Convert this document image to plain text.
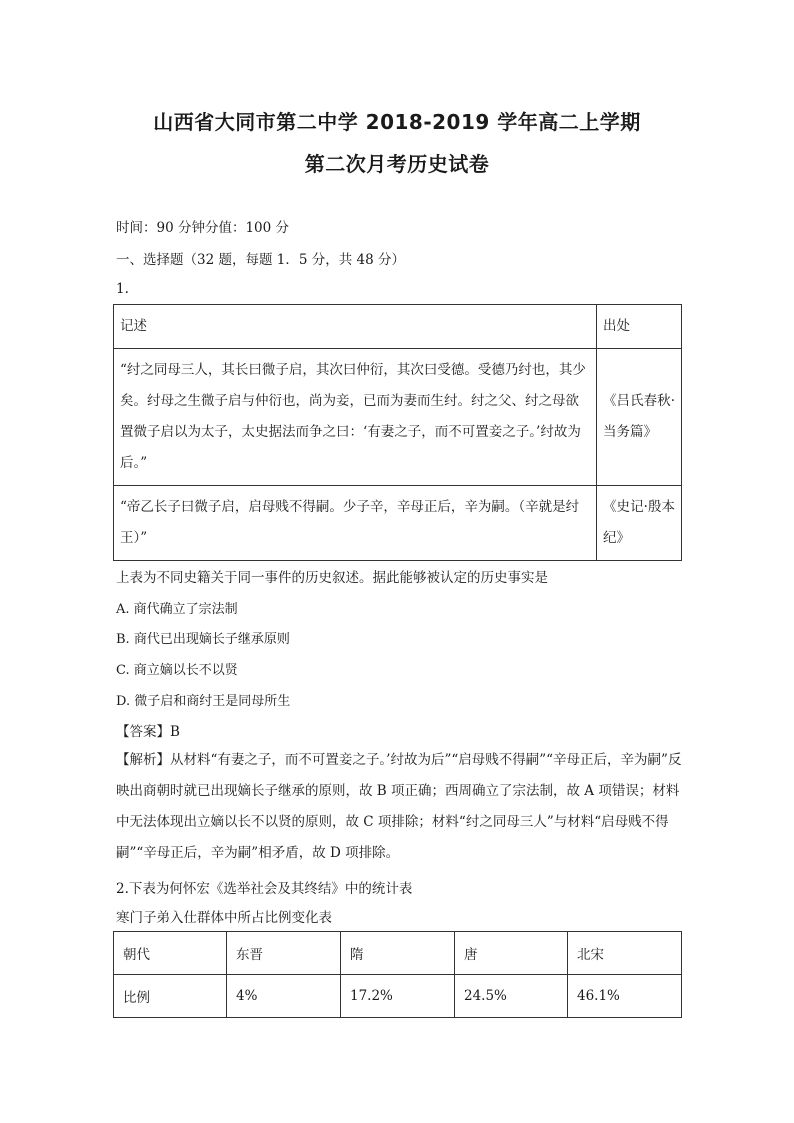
山西省大同市第二中学 2018-2019 学年高二上学期
第二次月考历史试卷
时间：90 分钟分值：100 分
一、选择题（32 题，每题 1．5 分，共 48 分）
1.
记述	出处
“纣之同母三人，其长曰微子启，其次曰仲衍，其次曰受德。受德乃纣也，其少矣。纣母之生微子启与仲衍也，尚为妾，已而为妻而生纣。纣之父、纣之母欲置微子启以为太子，太史据法而争之曰：‘有妻之子，而不可置妾之子。’纣故为后。”	《吕氏春秋·当务篇》
“帝乙长子曰微子启，启母贱不得嗣。少子辛，辛母正后，辛为嗣。（辛就是纣王）”	《史记·殷本纪》
上表为不同史籍关于同一事件的历史叙述。据此能够被认定的历史事实是
A. 商代确立了宗法制
B. 商代已出现嫡长子继承原则
C. 商立嫡以长不以贤
D. 微子启和商纣王是同母所生
【答案】B
【解析】从材料“有妻之子，而不可置妾之子。’纣故为后”“启母贱不得嗣”“辛母正后，辛为嗣”反映出商朝时就已出现嫡长子继承的原则，故 B 项正确；西周确立了宗法制，故 A 项错误；材料中无法体现出立嫡以长不以贤的原则，故 C 项排除；材料“纣之同母三人”与材料“启母贱不得嗣”“辛母正后，辛为嗣”相矛盾，故 D 项排除。
2.下表为何怀宏《选举社会及其终结》中的统计表
寒门子弟入仕群体中所占比例变化表
朝代	东晋	隋	唐	北宋
比例	4%	17.2%	24.5%	46.1%
